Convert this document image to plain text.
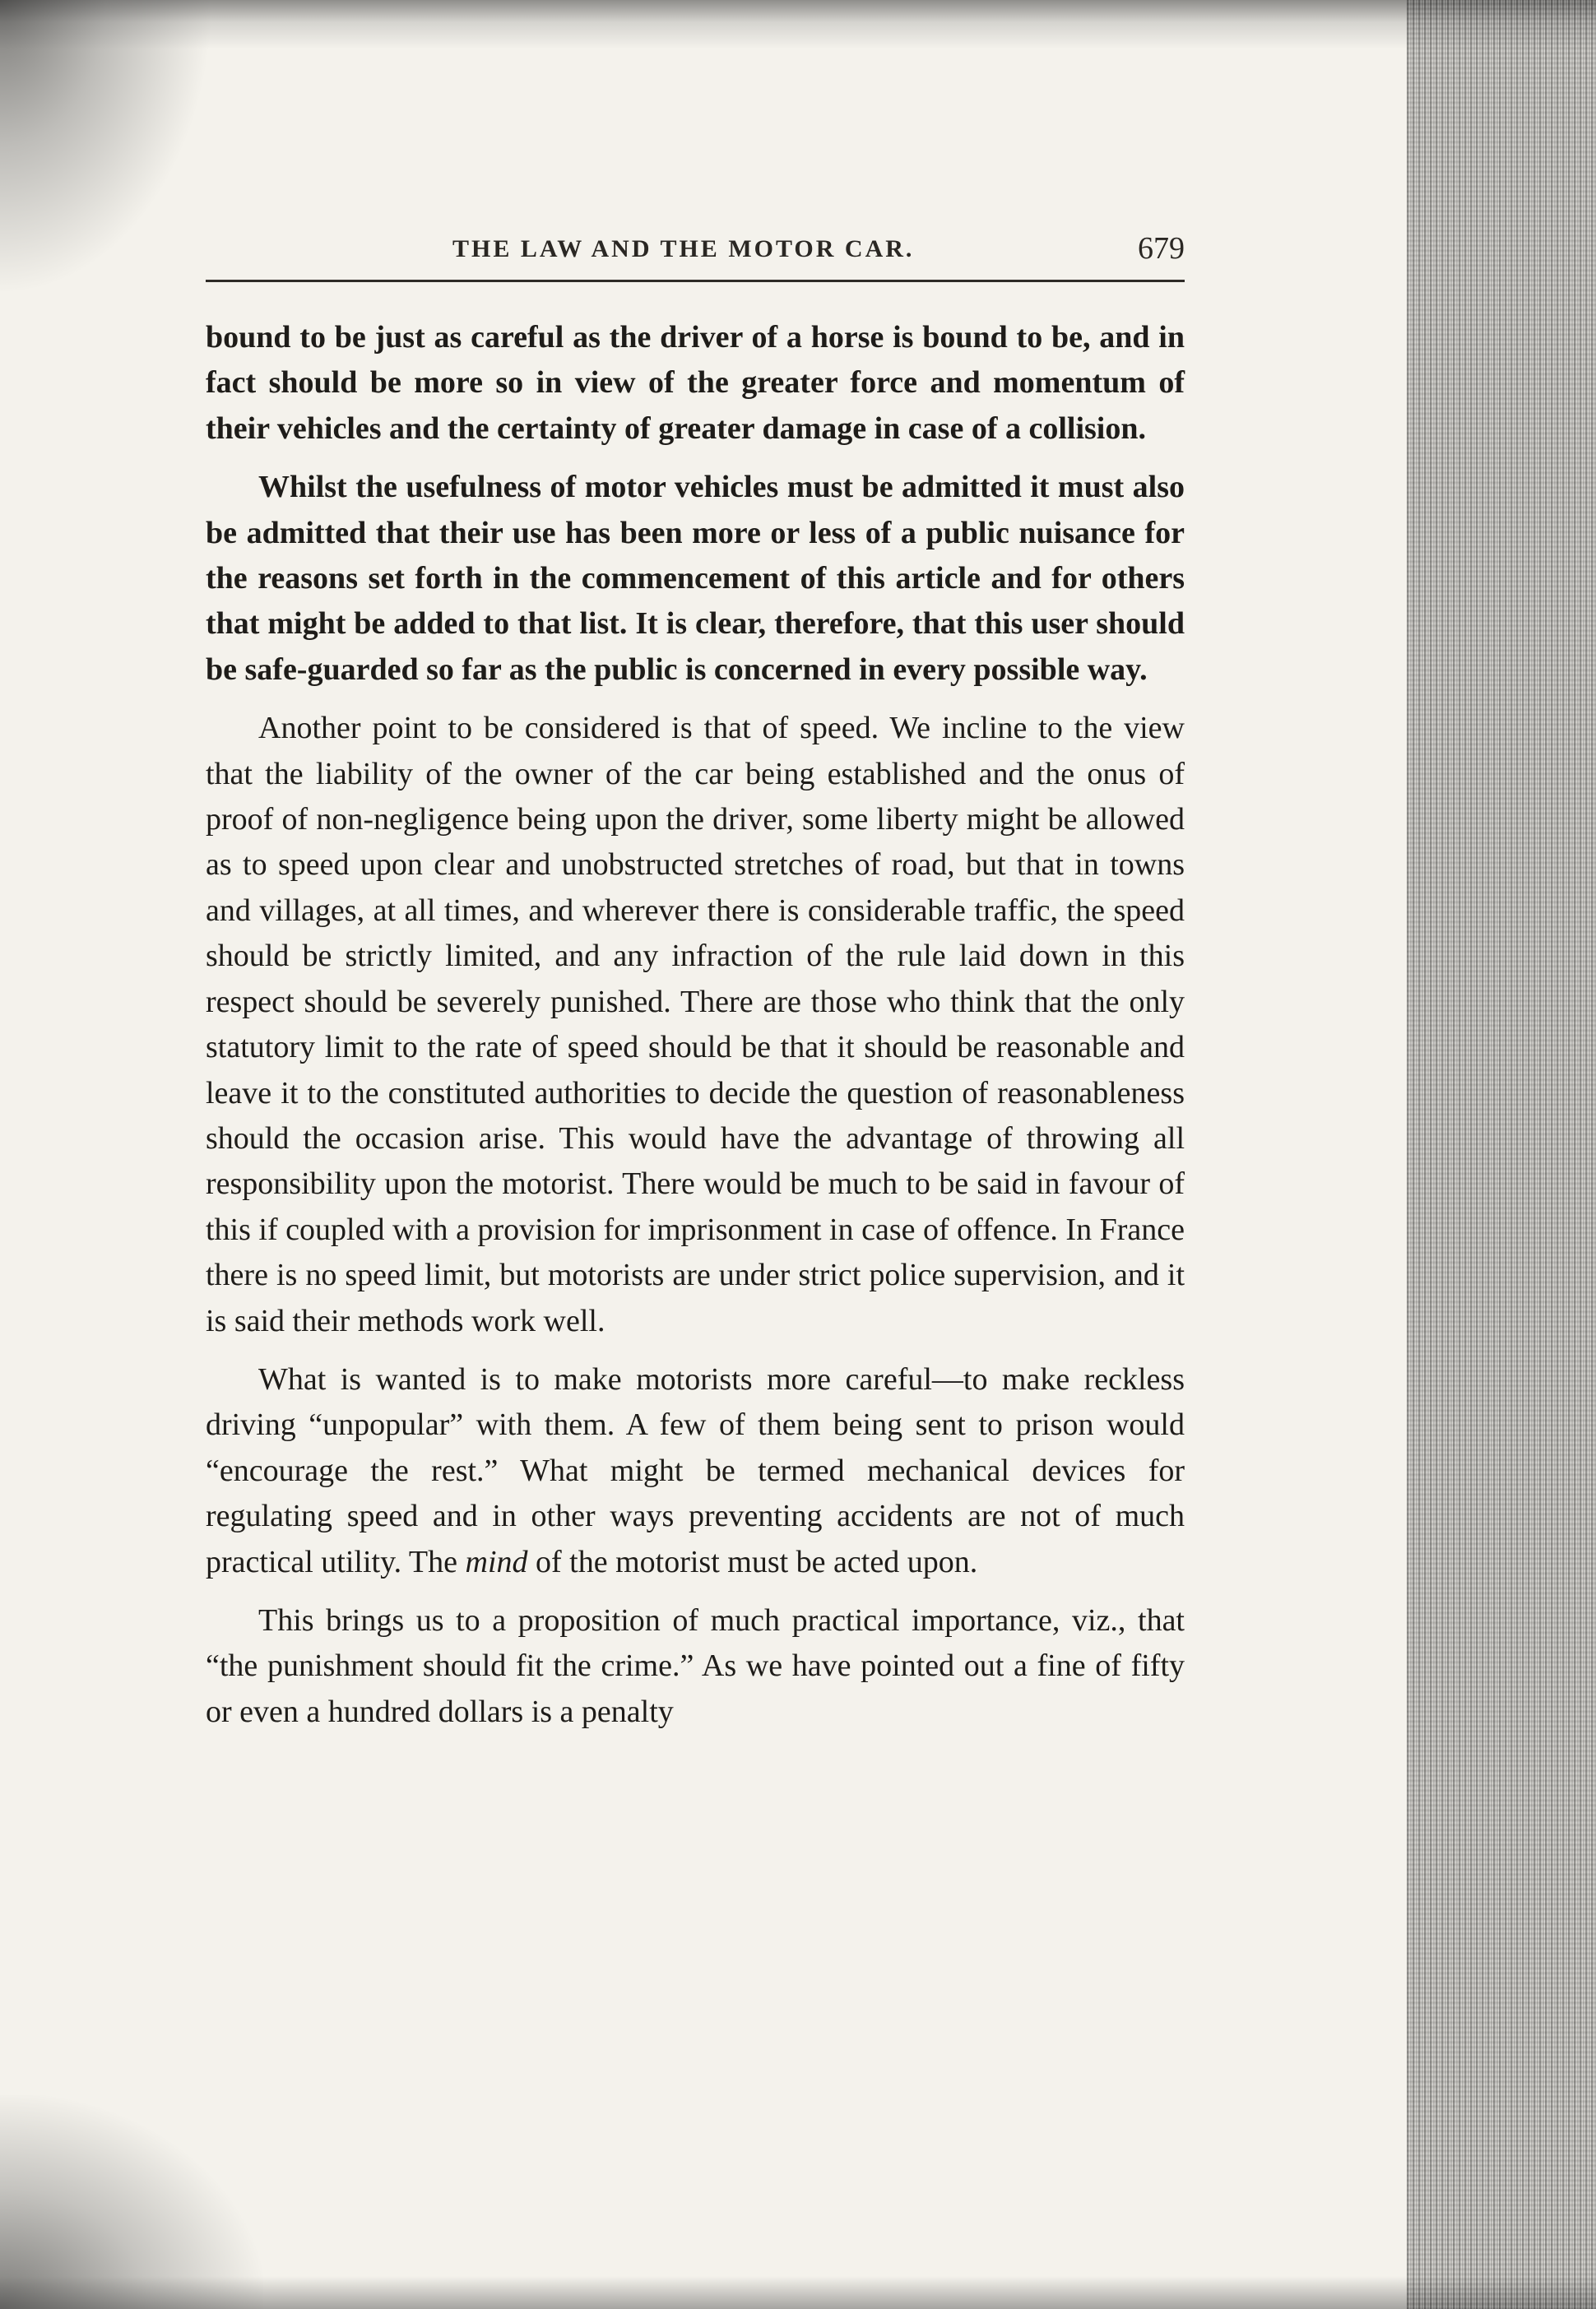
THE LAW AND THE MOTOR CAR.	679

bound to be just as careful as the driver of a horse is bound to be, and in fact should be more so in view of the greater force and momentum of their vehicles and the certainty of greater damage in case of a collision.

Whilst the usefulness of motor vehicles must be admitted it must also be admitted that their use has been more or less of a public nuisance for the reasons set forth in the commencement of this article and for others that might be added to that list. It is clear, therefore, that this user should be safe-guarded so far as the public is concerned in every possible way.

Another point to be considered is that of speed. We incline to the view that the liability of the owner of the car being established and the onus of proof of non-negligence being upon the driver, some liberty might be allowed as to speed upon clear and unobstructed stretches of road, but that in towns and villages, at all times, and wherever there is considerable traffic, the speed should be strictly limited, and any infraction of the rule laid down in this respect should be severely punished. There are those who think that the only statutory limit to the rate of speed should be that it should be reasonable and leave it to the constituted authorities to decide the question of reasonableness should the occasion arise. This would have the advantage of throwing all responsibility upon the motorist. There would be much to be said in favour of this if coupled with a provision for imprisonment in case of offence. In France there is no speed limit, but motorists are under strict police supervision, and it is said their methods work well.

What is wanted is to make motorists more careful—to make reckless driving “unpopular” with them. A few of them being sent to prison would “encourage the rest.” What might be termed mechanical devices for regulating speed and in other ways preventing accidents are not of much practical utility. The mind of the motorist must be acted upon.

This brings us to a proposition of much practical importance, viz., that “the punishment should fit the crime.” As we have pointed out a fine of fifty or even a hundred dollars is a penalty
